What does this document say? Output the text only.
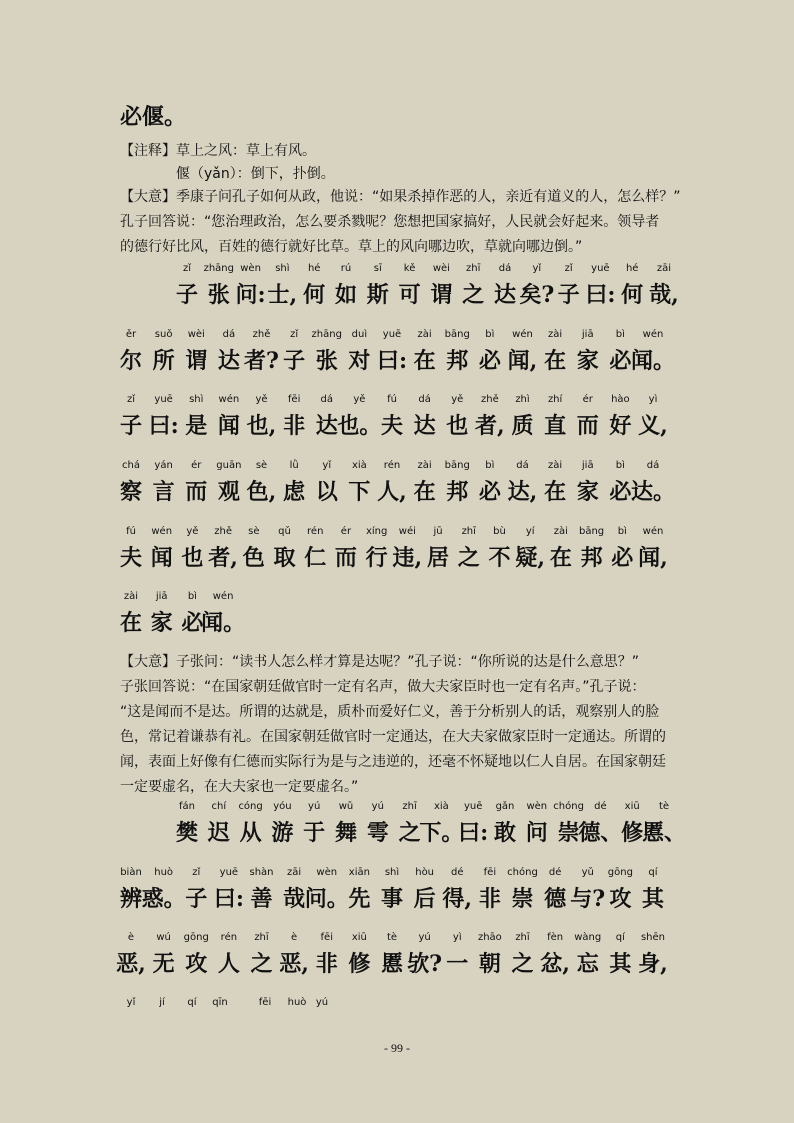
必偃。
【注释】草上之风：草上有风。
偃（yǎn）：倒下，扑倒。
【大意】季康子问孔子如何从政，他说：“如果杀掉作恶的人，亲近有道义的人，怎么样？”
孔子回答说：“您治理政治，怎么要杀戮呢？您想把国家搞好，人民就会好起来。领导者
的德行好比风，百姓的德行就好比草。草上的风向哪边吹，草就向哪边倒。”
zǐ zhāng wèn shì hé rú sī kě wèi zhī dá yǐ zǐ yuē hé zāi
子 张 问: 士, 何 如 斯 可 谓 之 达 矣? 子 曰: 何 哉,
ěr suǒ wèi dá zhě zǐ zhāng duì yuē zài bāng bì wén zài jiā bì wén
尔 所 谓 达 者? 子 张 对 曰: 在 邦 必 闻, 在 家 必 闻。
zǐ yuē shì wén yě fēi dá yě fú dá yě zhě zhì zhí ér hào yì
子 曰: 是 闻 也, 非 达 也。 夫 达 也 者, 质 直 而 好 义,
chá yán ér guān sè lǜ yǐ xià rén zài bāng bì dá zài jiā bì dá
察 言 而 观 色, 虑 以 下 人, 在 邦 必 达, 在 家 必 达。
fú wén yě zhě sè qǔ rén ér xíng wéi jū zhī bù yí zài bāng bì wén
夫 闻 也 者, 色 取 仁 而 行 违, 居 之 不 疑, 在 邦 必 闻,
zài jiā bì wén
在 家 必
闻。
【大意】子张问：“读书人怎么样才算是达呢？”孔子说：“你所说的达是什么意思？”
子张回答说：“在国家朝廷做官时一定有名声，做大夫家臣时也一定有名声。”孔子说：
“这是闻而不是达。所谓的达就是，质朴而爱好仁义，善于分析别人的话，观察别人的脸
色，常记着谦恭有礼。在国家朝廷做官时一定通达，在大夫家做家臣时一定通达。所谓的
闻，表面上好像有仁德而实际行为是与之违逆的，还毫不怀疑地以仁人自居。在国家朝廷
一定要虚名，在大夫家也一定要虚名。”
fán chí cóng yóu yú wǔ yú zhī xià yuē gǎn wèn chóng dé xiū tè
樊 迟 从 游 于 舞 雩 之
下。
曰: 敢 问 崇
德、
修
慝、
biàn huò zǐ yuē shàn zāi wèn xiān shì hòu dé fēi chóng dé yǔ gōng qí
辨 惑。 子 曰: 善 哉 问。 先 事 后 得, 非 崇 德 与? 攻 其
è wú gōng rén zhī è fēi xiū tè yú yì zhāo zhī fèn wàng qí shēn
恶, 无 攻 人 之 恶, 非 修 慝 欤? 一 朝 之 忿, 忘 其 身,
yǐ jí qí qīn	fēi huò yú
- 99 -
